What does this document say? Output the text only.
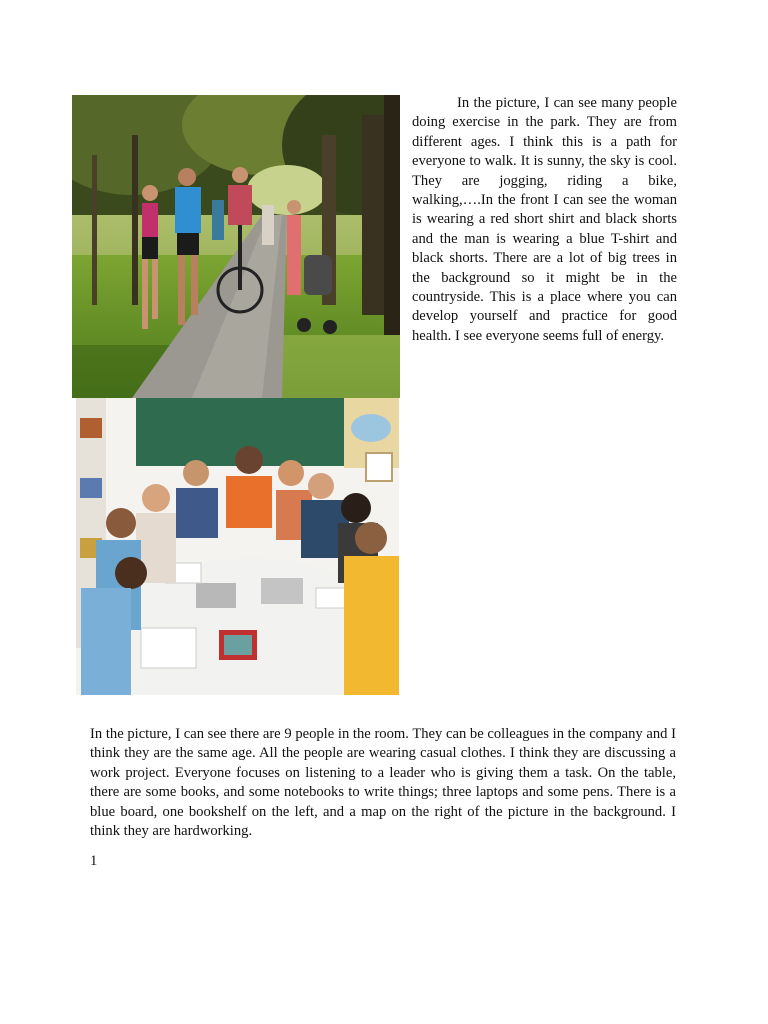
In the picture, I can see many people doing exercise in the park. They are from different ages. I think this is a path for everyone to walk. It is sunny, the sky is cool. They are jogging, riding a bike, walking,….In the front I can see the woman is wearing a red short shirt and black shorts and the man is wearing a blue T-shirt and black shorts. There are a lot of big trees in the background so it might be in the countryside. This is a place where you can develop yourself and practice for good health. I see everyone seems full of energy.

In the picture, I can see there are 9 people in the room. They can be colleagues in the company and I think they are the same age. All the people are wearing casual clothes. I think they are discussing a work project. Everyone focuses on listening to a leader who is giving them a task. On the table, there are some books, and some notebooks to write things; three laptops and some pens. There is a blue board, one bookshelf on the left, and a map on the right of the picture in the background. I think they are hardworking.

1
